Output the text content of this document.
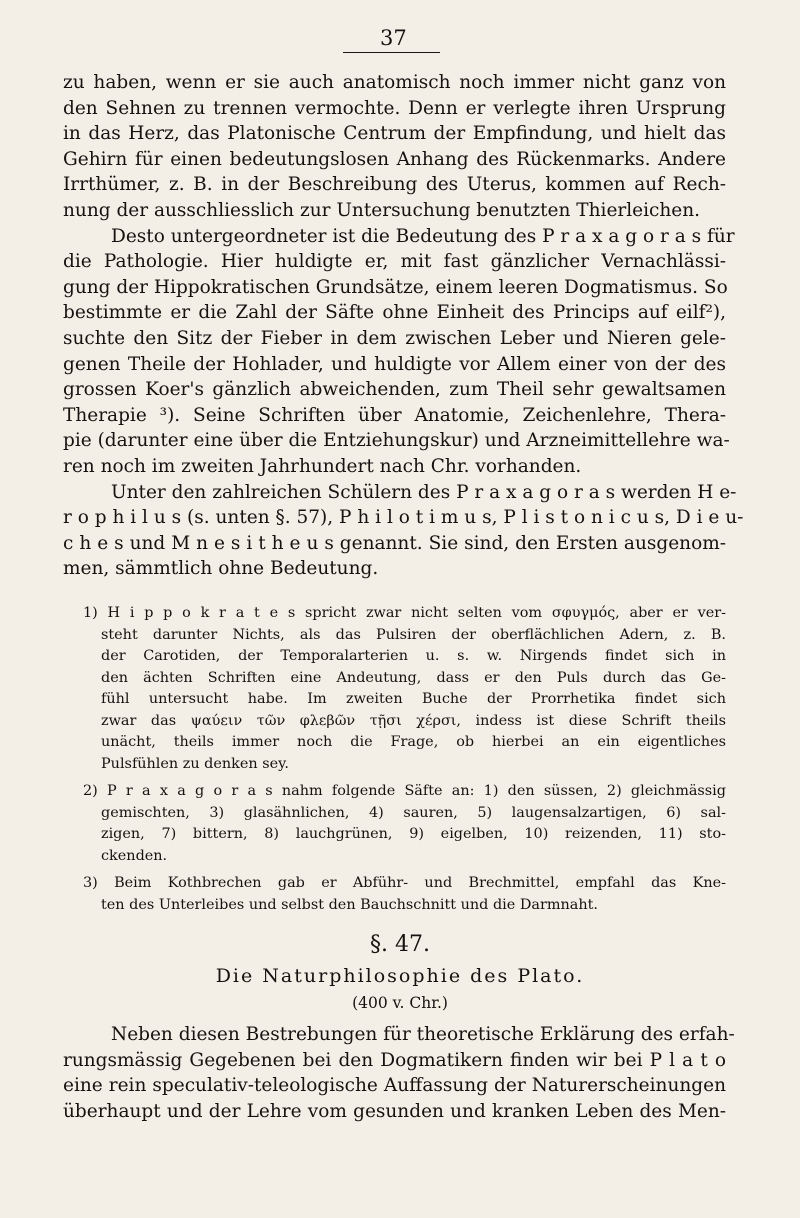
37

zu haben, wenn er sie auch anatomisch noch immer nicht ganz von
den Sehnen zu trennen vermochte. Denn er verlegte ihren Ursprung
in das Herz, das Platonische Centrum der Empfindung, und hielt das
Gehirn für einen bedeutungslosen Anhang des Rückenmarks. Andere
Irrthümer, z. B. in der Beschreibung des Uterus, kommen auf Rech-
nung der ausschliesslich zur Untersuchung benutzten Thierleichen.

Desto untergeordneter ist die Bedeutung des P r a x a g o r a s für
die Pathologie. Hier huldigte er, mit fast gänzlicher Vernachlässi-
gung der Hippokratischen Grundsätze, einem leeren Dogmatismus. So
bestimmte er die Zahl der Säfte ohne Einheit des Princips auf eilf²),
suchte den Sitz der Fieber in dem zwischen Leber und Nieren gele-
genen Theile der Hohlader, und huldigte vor Allem einer von der des
grossen Koer's gänzlich abweichenden, zum Theil sehr gewaltsamen
Therapie ³). Seine Schriften über Anatomie, Zeichenlehre, Thera-
pie (darunter eine über die Entziehungskur) und Arzneimittellehre wa-
ren noch im zweiten Jahrhundert nach Chr. vorhanden.

Unter den zahlreichen Schülern des P r a x a g o r a s werden H e-
r o p h i l u s (s. unten §. 57), P h i l o t i m u s, P l i s t o n i c u s, D i e u-
c h e s und M n e s i t h e u s genannt. Sie sind, den Ersten ausgenom-
men, sämmtlich ohne Bedeutung.

1) H i p p o k r a t e s spricht zwar nicht selten vom σφυγμός, aber er ver-
steht darunter Nichts, als das Pulsiren der oberflächlichen Adern, z. B.
der Carotiden, der Temporalarterien u. s. w. Nirgends findet sich in
den ächten Schriften eine Andeutung, dass er den Puls durch das Ge-
fühl untersucht habe. Im zweiten Buche der Prorrhetika findet sich
zwar das ψαύειν τῶν φλεβῶν τῇσι χέρσι, indess ist diese Schrift theils
unächt, theils immer noch die Frage, ob hierbei an ein eigentliches
Pulsfühlen zu denken sey.

2) P r a x a g o r a s nahm folgende Säfte an: 1) den süssen, 2) gleichmässig
gemischten, 3) glasähnlichen, 4) sauren, 5) laugensalzartigen, 6) sal-
zigen, 7) bittern, 8) lauchgrünen, 9) eigelben, 10) reizenden, 11) sto-
ckenden.

3) Beim Kothbrechen gab er Abführ- und Brechmittel, empfahl das Kne-
ten des Unterleibes und selbst den Bauchschnitt und die Darmnaht.

§. 47.
Die Naturphilosophie des Plato.
(400 v. Chr.)

Neben diesen Bestrebungen für theoretische Erklärung des erfah-
rungsmässig Gegebenen bei den Dogmatikern finden wir bei P l a t o
eine rein speculativ-teleologische Auffassung der Naturerscheinungen
überhaupt und der Lehre vom gesunden und kranken Leben des Men-
